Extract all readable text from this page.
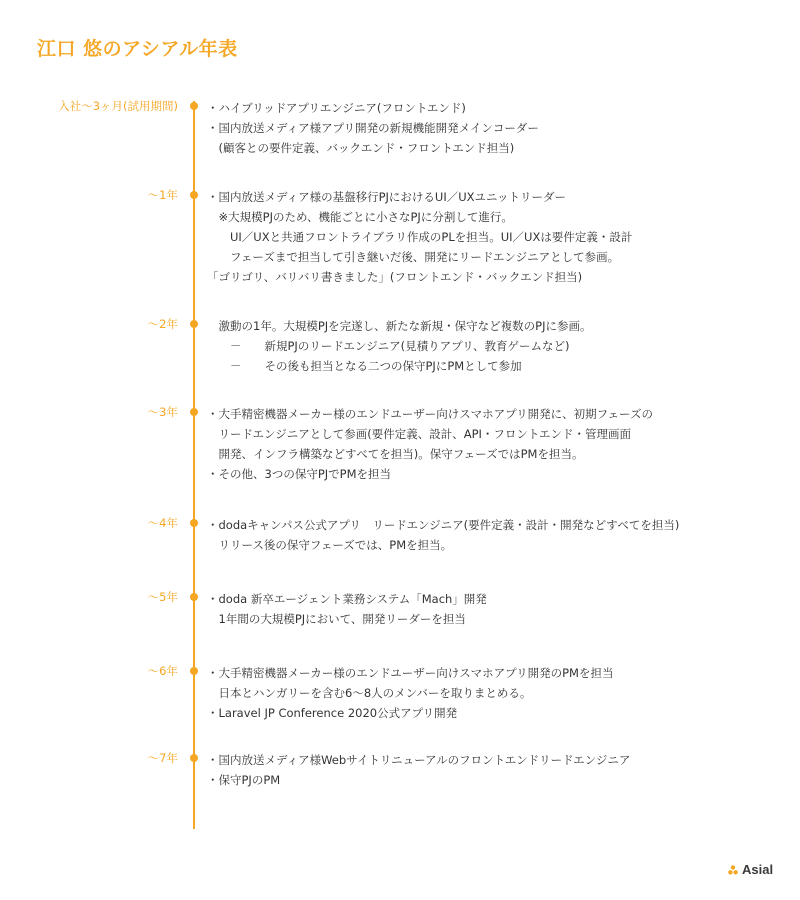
江口 悠のアシアル年表
入社〜3ヶ月(試用期間)	・ハイブリッドアプリエンジニア(フロントエンド)
・国内放送メディア様アプリ開発の新規機能開発メインコーダー
　(顧客との要件定義、バックエンド・フロントエンド担当)
〜1年	・国内放送メディア様の基盤移行PJにおけるUI／UXユニットリーダー
　※大規模PJのため、機能ごとに小さなPJに分割して進行。
　　UI／UXと共通フロントライブラリ作成のPLを担当。UI／UXは要件定義・設計
　　フェーズまで担当して引き継いだ後、開発にリードエンジニアとして参画。
「ゴリゴリ、バリバリ書きました」(フロントエンド・バックエンド担当)
〜2年	　激動の1年。大規模PJを完遂し、新たな新規・保守など複数のPJに参画。
　　－　　新規PJのリードエンジニア(見積りアプリ、教育ゲームなど)
　　－　　その後も担当となる二つの保守PJにPMとして参加
〜3年	・大手精密機器メーカー様のエンドユーザー向けスマホアプリ開発に、初期フェーズの
　リードエンジニアとして参画(要件定義、設計、API・フロントエンド・管理画面
　開発、インフラ構築などすべてを担当)。保守フェーズではPMを担当。
・その他、3つの保守PJでPMを担当
〜4年	・dodaキャンパス公式アプリ　リードエンジニア(要件定義・設計・開発などすべてを担当)
　リリース後の保守フェーズでは、PMを担当。
〜5年	・doda 新卒エージェント業務システム「Mach」開発
　1年間の大規模PJにおいて、開発リーダーを担当
〜6年	・大手精密機器メーカー様のエンドユーザー向けスマホアプリ開発のPMを担当
　日本とハンガリーを含む6〜8人のメンバーを取りまとめる。
・Laravel JP Conference 2020公式アプリ開発
〜7年	・国内放送メディア様Webサイトリニューアルのフロントエンドリードエンジニア
・保守PJのPM
Asial
